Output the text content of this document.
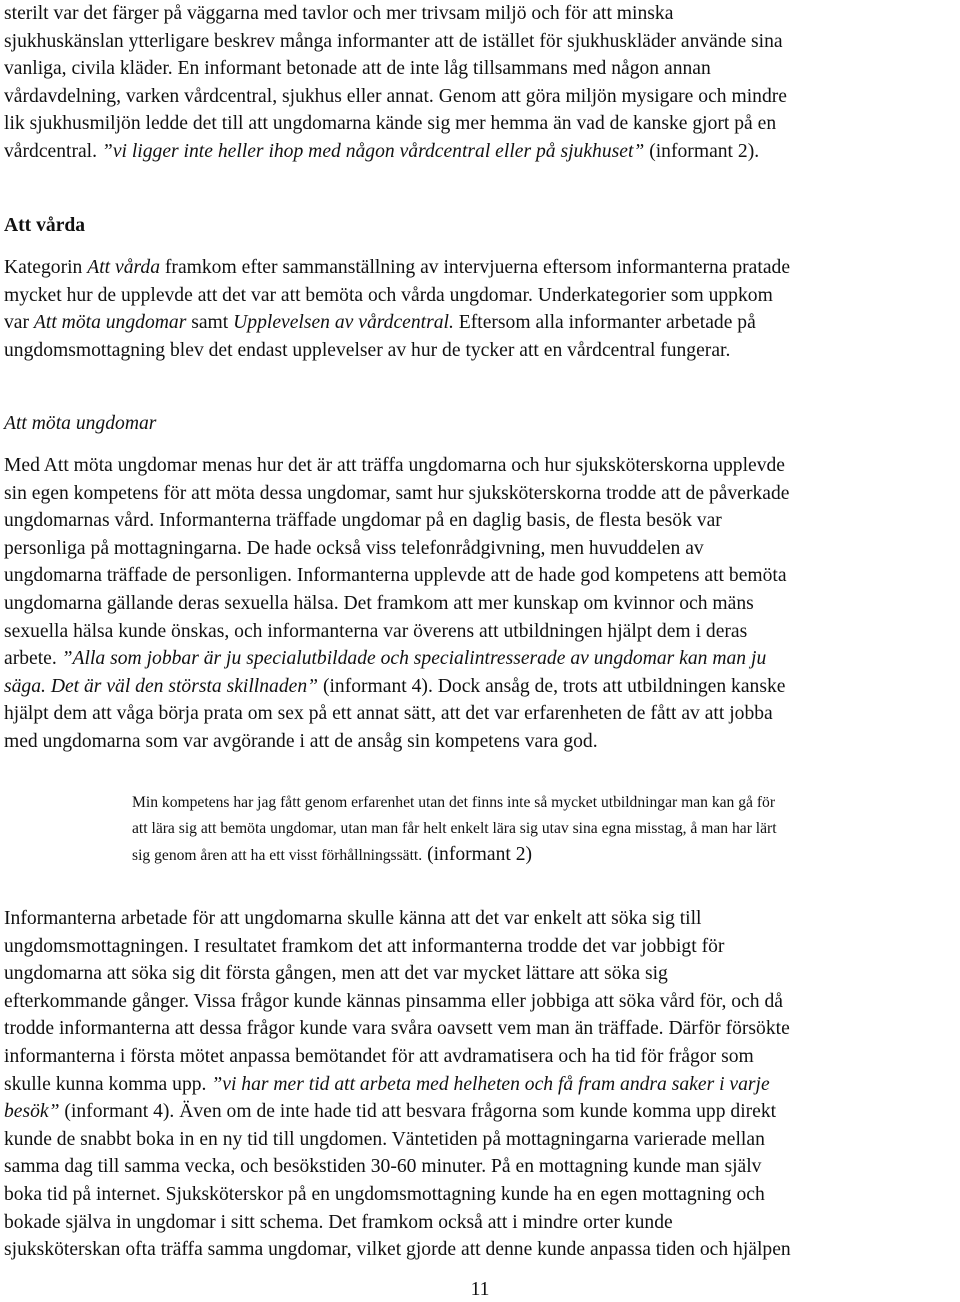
sterilt var det färger på väggarna med tavlor och mer trivsam miljö och för att minska
sjukhuskänslan ytterligare beskrev många informanter att de istället för sjukhuskläder använde sina
vanliga, civila kläder. En informant betonade att de inte låg tillsammans med någon annan
vårdavdelning, varken vårdcentral, sjukhus eller annat. Genom att göra miljön mysigare och mindre
lik sjukhusmiljön ledde det till att ungdomarna kände sig mer hemma än vad de kanske gjort på en
vårdcentral. ”vi ligger inte heller ihop med någon vårdcentral eller på sjukhuset” (informant 2).
Att vårda
Kategorin Att vårda framkom efter sammanställning av intervjuerna eftersom informanterna pratade
mycket hur de upplevde att det var att bemöta och vårda ungdomar. Underkategorier som uppkom
var Att möta ungdomar samt Upplevelsen av vårdcentral. Eftersom alla informanter arbetade på
ungdomsmottagning blev det endast upplevelser av hur de tycker att en vårdcentral fungerar.
Att möta ungdomar
Med Att möta ungdomar menas hur det är att träffa ungdomarna och hur sjuksköterskorna upplevde
sin egen kompetens för att möta dessa ungdomar, samt hur sjuksköterskorna trodde att de påverkade
ungdomarnas vård. Informanterna träffade ungdomar på en daglig basis, de flesta besök var
personliga på mottagningarna. De hade också viss telefonrådgivning, men huvuddelen av
ungdomarna träffade de personligen. Informanterna upplevde att de hade god kompetens att bemöta
ungdomarna gällande deras sexuella hälsa. Det framkom att mer kunskap om kvinnor och mäns
sexuella hälsa kunde önskas, och informanterna var överens att utbildningen hjälpt dem i deras
arbete. ”Alla som jobbar är ju specialutbildade och specialintresserade av ungdomar kan man ju
säga. Det är väl den största skillnaden” (informant 4). Dock ansåg de, trots att utbildningen kanske
hjälpt dem att våga börja prata om sex på ett annat sätt, att det var erfarenheten de fått av att jobba
med ungdomarna som var avgörande i att de ansåg sin kompetens vara god.
Min kompetens har jag fått genom erfarenhet utan det finns inte så mycket utbildningar man kan gå för
att lära sig att bemöta ungdomar, utan man får helt enkelt lära sig utav sina egna misstag, å man har lärt
sig genom åren att ha ett visst förhållningssätt. (informant 2)
Informanterna arbetade för att ungdomarna skulle känna att det var enkelt att söka sig till
ungdomsmottagningen. I resultatet framkom det att informanterna trodde det var jobbigt för
ungdomarna att söka sig dit första gången, men att det var mycket lättare att söka sig
efterkommande gånger. Vissa frågor kunde kännas pinsamma eller jobbiga att söka vård för, och då
trodde informanterna att dessa frågor kunde vara svåra oavsett vem man än träffade. Därför försökte
informanterna i första mötet anpassa bemötandet för att avdramatisera och ha tid för frågor som
skulle kunna komma upp. ”vi har mer tid att arbeta med helheten och få fram andra saker i varje
besök” (informant 4). Även om de inte hade tid att besvara frågorna som kunde komma upp direkt
kunde de snabbt boka in en ny tid till ungdomen. Väntetiden på mottagningarna varierade mellan
samma dag till samma vecka, och besökstiden 30-60 minuter. På en mottagning kunde man själv
boka tid på internet. Sjuksköterskor på en ungdomsmottagning kunde ha en egen mottagning och
bokade själva in ungdomar i sitt schema. Det framkom också att i mindre orter kunde
sjuksköterskan ofta träffa samma ungdomar, vilket gjorde att denne kunde anpassa tiden och hjälpen
11
